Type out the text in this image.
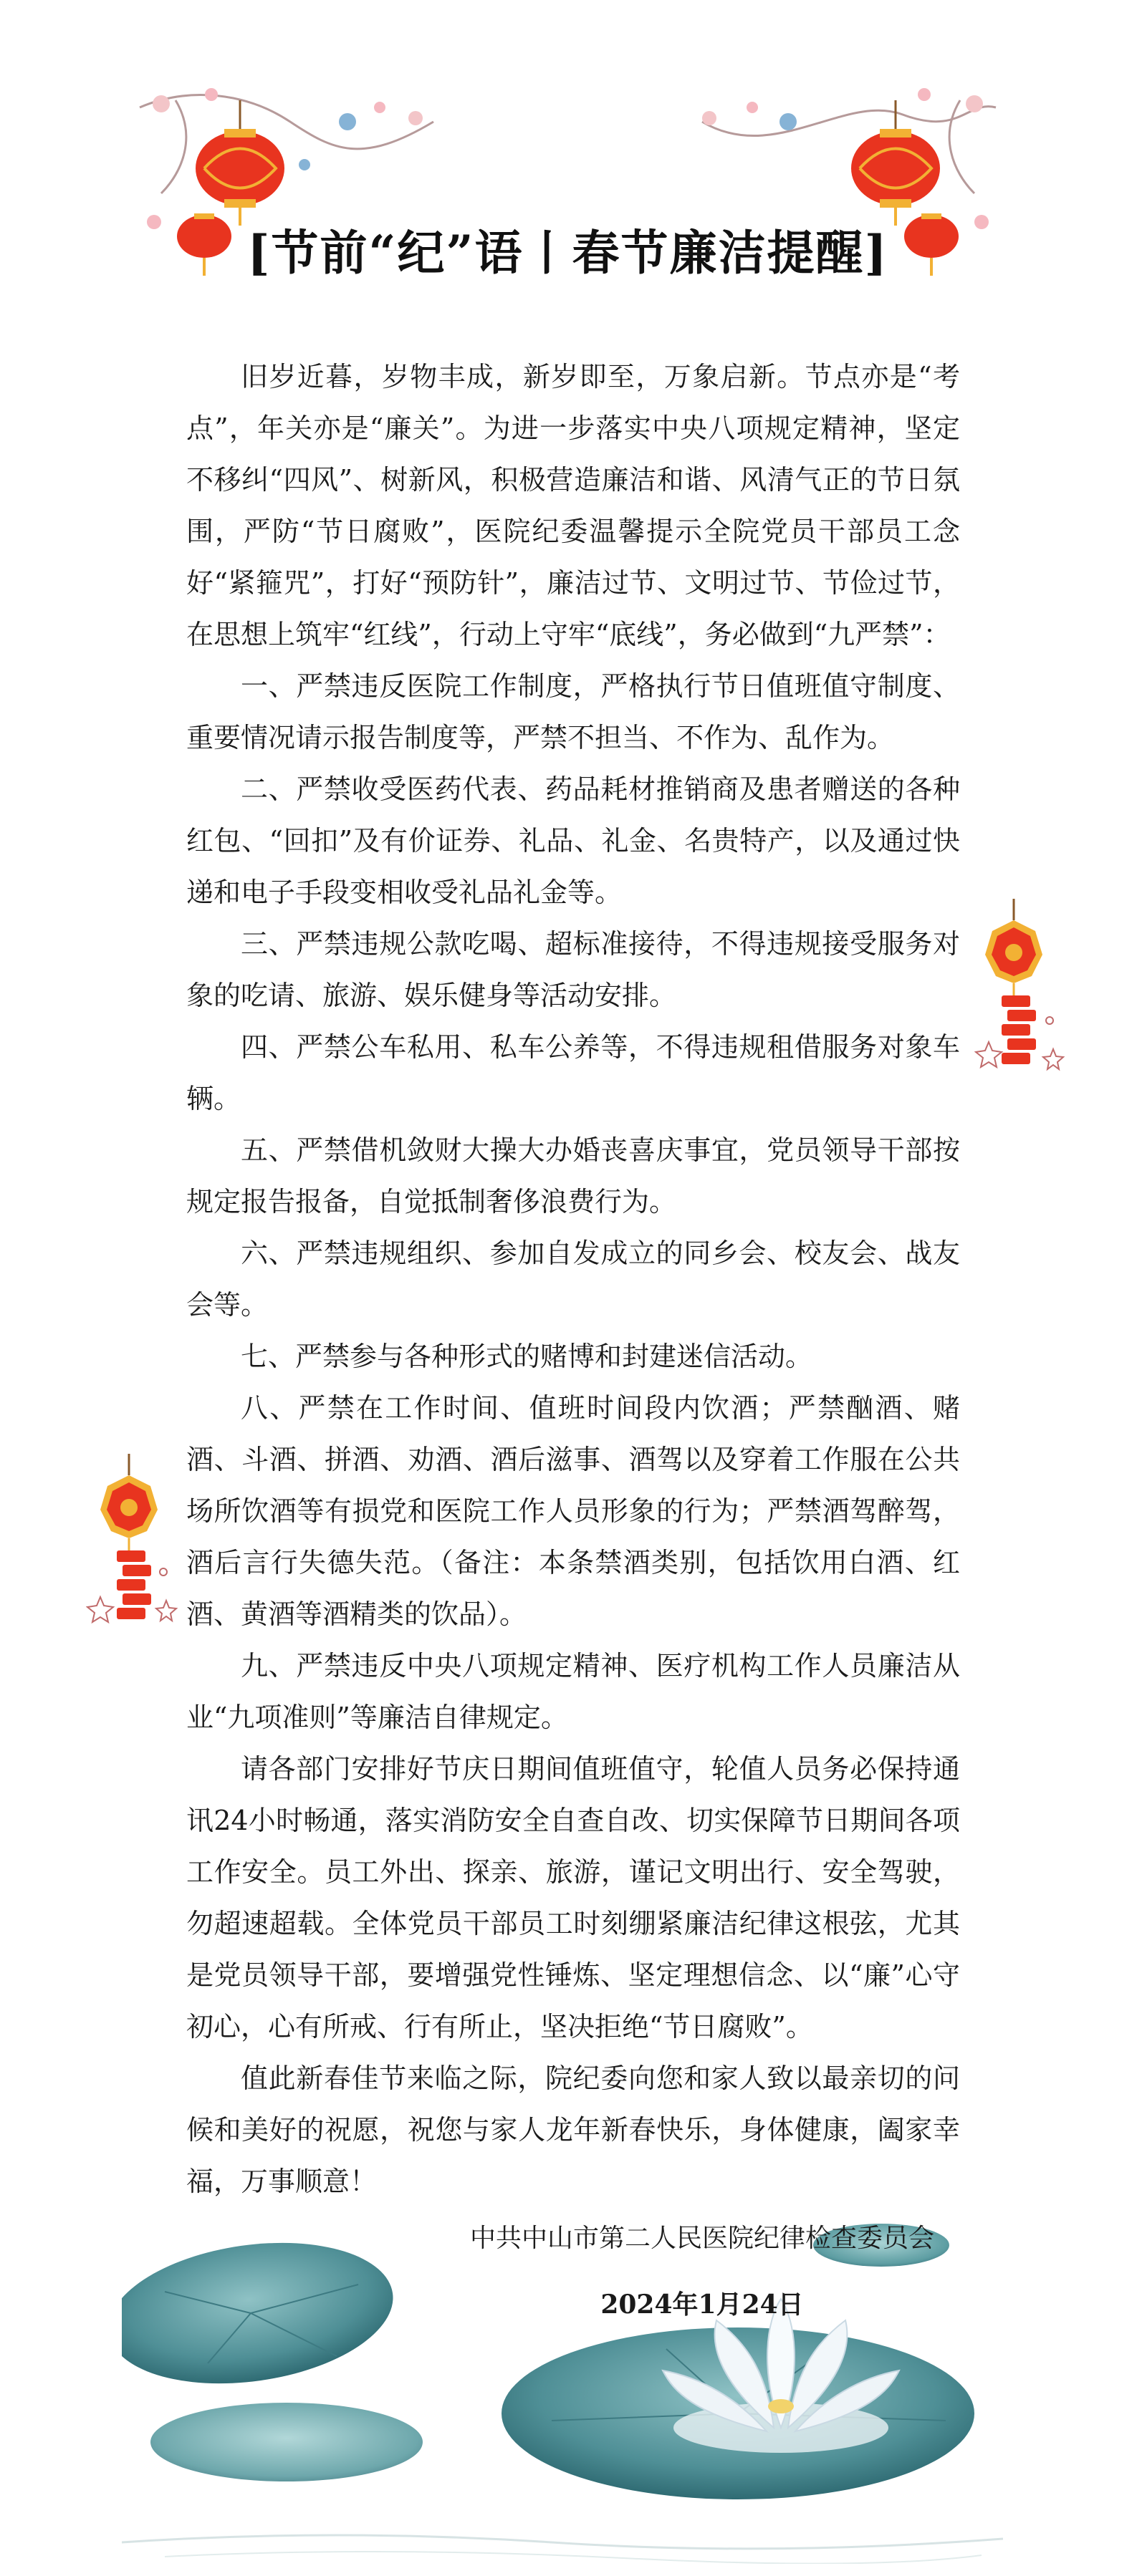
[节前“纪”语丨春节廉洁提醒]

旧岁近暮，岁物丰成，新岁即至，万象启新。节点亦是“考点”，年关亦是“廉关”。为进一步落实中央八项规定精神，坚定不移纠“四风”、树新风，积极营造廉洁和谐、风清气正的节日氛围，严防“节日腐败”，医院纪委温馨提示全院党员干部员工念好“紧箍咒”，打好“预防针”，廉洁过节、文明过节、节俭过节，在思想上筑牢“红线”，行动上守牢“底线”，务必做到“九严禁”：

一、严禁违反医院工作制度，严格执行节日值班值守制度、重要情况请示报告制度等，严禁不担当、不作为、乱作为。

二、严禁收受医药代表、药品耗材推销商及患者赠送的各种红包、“回扣”及有价证券、礼品、礼金、名贵特产，以及通过快递和电子手段变相收受礼品礼金等。

三、严禁违规公款吃喝、超标准接待，不得违规接受服务对象的吃请、旅游、娱乐健身等活动安排。

四、严禁公车私用、私车公养等，不得违规租借服务对象车辆。

五、严禁借机敛财大操大办婚丧喜庆事宜，党员领导干部按规定报告报备，自觉抵制奢侈浪费行为。

六、严禁违规组织、参加自发成立的同乡会、校友会、战友会等。

七、严禁参与各种形式的赌博和封建迷信活动。

八、严禁在工作时间、值班时间段内饮酒；严禁酗酒、赌酒、斗酒、拼酒、劝酒、酒后滋事、酒驾以及穿着工作服在公共场所饮酒等有损党和医院工作人员形象的行为；严禁酒驾醉驾，酒后言行失德失范。（备注：本条禁酒类别，包括饮用白酒、红酒、黄酒等酒精类的饮品）。

九、严禁违反中央八项规定精神、医疗机构工作人员廉洁从业“九项准则”等廉洁自律规定。

请各部门安排好节庆日期间值班值守，轮值人员务必保持通讯24小时畅通，落实消防安全自查自改、切实保障节日期间各项工作安全。员工外出、探亲、旅游，谨记文明出行、安全驾驶，勿超速超载。全体党员干部员工时刻绷紧廉洁纪律这根弦，尤其是党员领导干部，要增强党性锤炼、坚定理想信念、以“廉”心守初心，心有所戒、行有所止，坚决拒绝“节日腐败”。

值此新春佳节来临之际，院纪委向您和家人致以最亲切的问候和美好的祝愿，祝您与家人龙年新春快乐，身体健康，阖家幸福，万事顺意！

中共中山市第二人民医院纪律检查委员会
2024年1月24日
